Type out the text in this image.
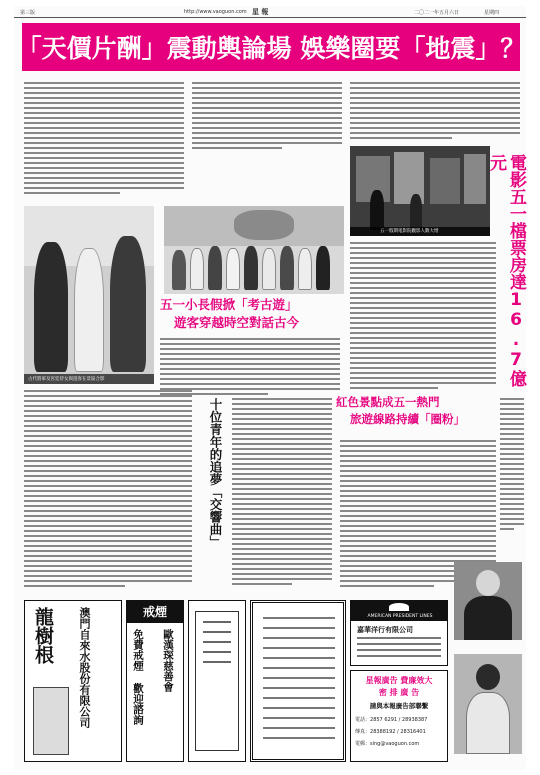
第三版	http://www.vaoguon.com 星 報	二〇二一年五月六日	星期四
「天價片酬」震動輿論場 娛樂圈要「地震」？
古代將軍及宮廷侍女與遊客在景區合影
五一小長假掀「考古遊」
遊客穿越時空對話古今
五一假期電影院觀影人數大增	電影五一檔票房達16.7億元
紅色景點成五一熱門
旅遊線路持續「圈粉」
十位青年的追夢「交響曲」
龍樹根 澳門自來水股份有限公司	戒煙
免費戒煙 歡迎諮詢 歐漢琛慈善會
AMERICAN PRESIDENT LINES
嘉華洋行有限公司
星報廣告 費廉效大
密 排 廣 告
請與本報廣告部聯繫
電話：2857 6291 / 28938387
傳真：28388192 / 28316401
電郵：sing@vaoguon.com
